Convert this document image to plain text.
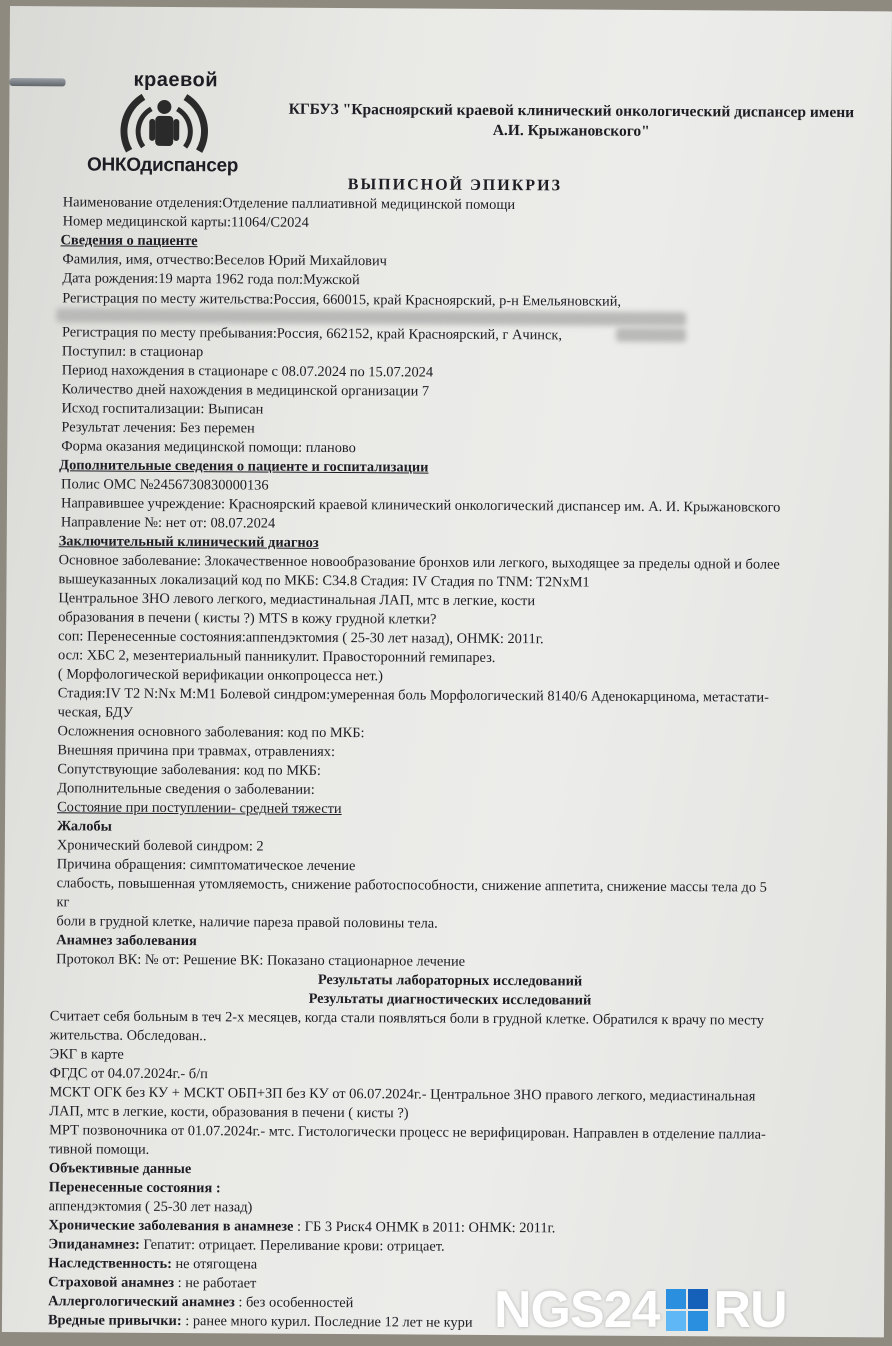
краевой
ОНКОдиспансер
КГБУЗ "Красноярский краевой клинический онкологический диспансер имени А.И. Крыжановского"
ВЫПИСНОЙ ЭПИКРИЗ
Наименование отделения:Отделение паллиативной медицинской помощи
Номер медицинской карты:11064/С2024
Сведения о пациенте
Фамилия, имя, отчество:Веселов Юрий Михайлович
Дата рождения:19 марта 1962 года пол:Мужской
Регистрация по месту жительства:Россия, 660015, край Красноярский, р-н Емельяновский,
Регистрация по месту пребывания:Россия, 662152, край Красноярский, г Ачинск,
Поступил: в стационар
Период нахождения в стационаре с 08.07.2024 по 15.07.2024
Количество дней нахождения в медицинской организации 7
Исход госпитализации: Выписан
Результат лечения: Без перемен
Форма оказания медицинской помощи: планово
Дополнительные сведения о пациенте и госпитализации
Полис ОМС №2456730830000136
Направившее учреждение: Красноярский краевой клинический онкологический диспансер им. А. И. Крыжановского
Направление №: нет от: 08.07.2024
Заключительный клинический диагноз
Основное заболевание: Злокачественное новообразование бронхов или легкого, выходящее за пределы одной и более
вышеуказанных локализаций код по МКБ: С34.8 Стадия: IV Стадия по TNM: T2NxM1
Центральное ЗНО левого легкого, медиастинальная ЛАП, мтс в легкие, кости
образования в печени ( кисты ?) MTS в кожу грудной клетки?
соп: Перенесенные состояния:аппендэктомия ( 25-30 лет назад), ОНМК: 2011г.
осл: ХБС 2, мезентериальный панникулит. Правосторонний гемипарез.
( Морфологической верификации онкопроцесса нет.)
Стадия:IV Т2 N:Nx M:M1 Болевой синдром:умеренная боль Морфологический 8140/6 Аденокарцинома, метастати-
ческая, БДУ
Осложнения основного заболевания: код по МКБ:
Внешняя причина при травмах, отравлениях:
Сопутствующие заболевания: код по МКБ:
Дополнительные сведения о заболевании:
Состояние при поступлении- средней тяжести
Жалобы
Хронический болевой синдром: 2
Причина обращения: симптоматическое лечение
слабость, повышенная утомляемость, снижение работоспособности, снижение аппетита, снижение массы тела до 5
кг
боли в грудной клетке, наличие пареза правой половины тела.
Анамнез заболевания
Протокол ВК: № от: Решение ВК: Показано стационарное лечение
Результаты лабораторных исследований
Результаты диагностических исследований
Считает себя больным в теч 2-х месяцев, когда стали появляться боли в грудной клетке. Обратился к врачу по месту
жительства. Обследован..
ЭКГ в карте
ФГДС от 04.07.2024г.- б/п
МСКТ ОГК без КУ + МСКТ ОБП+ЗП без КУ от 06.07.2024г.- Центральное ЗНО правого легкого, медиастинальная
ЛАП, мтс в легкие, кости, образования в печени ( кисты ?)
МРТ позвоночника от 01.07.2024г.- мтс. Гистологически процесс не верифицирован. Направлен в отделение паллиа-
тивной помощи.
Объективные данные
Перенесенные состояния :
аппендэктомия ( 25-30 лет назад)
Хронические заболевания в анамнезе : ГБ 3 Риск4 ОНМК в 2011: ОНМК: 2011г.
Эпиданамнез: Гепатит: отрицает. Переливание крови: отрицает.
Наследственность: не отягощена
Страховой анамнез : не работает
Аллергологический анамнез : без особенностей
Вредные привычки: : ранее много курил. Последние 12 лет не кури NGS24 RU
